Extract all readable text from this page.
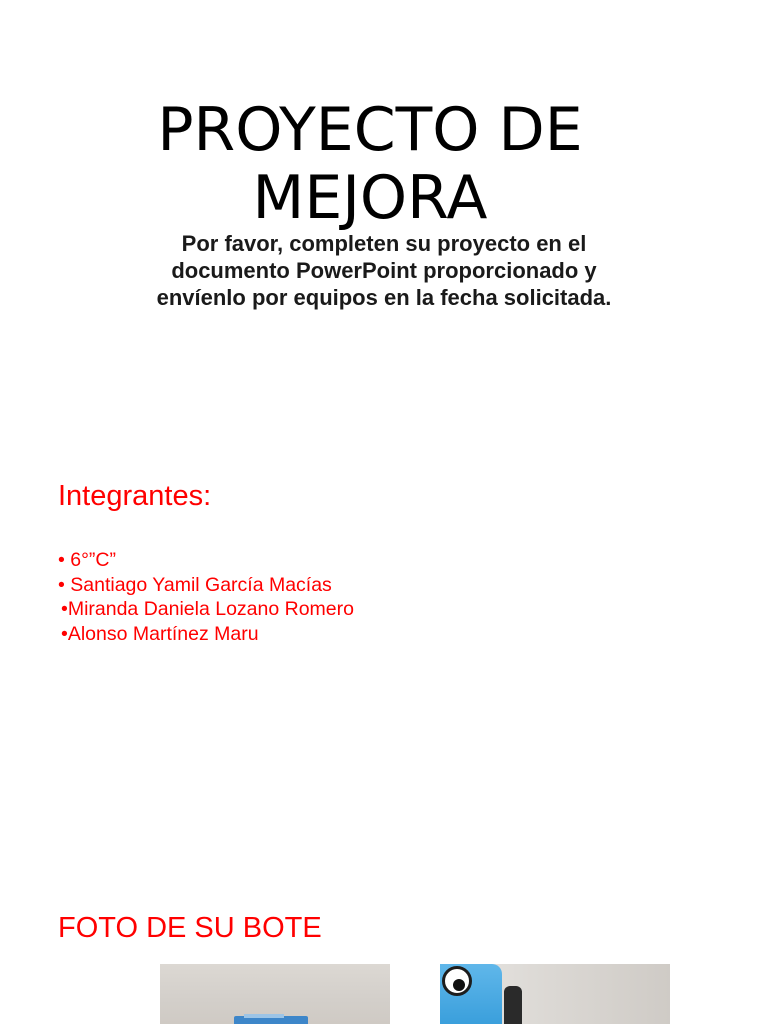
PROYECTO DE
MEJORA
Por favor, completen su proyecto en el
documento PowerPoint proporcionado y
envíenlo por equipos en la fecha solicitada.
Integrantes:
• 6°”C”
• Santiago Yamil García Macías
•Miranda Daniela Lozano Romero
•Alonso Martínez Maru
FOTO DE SU BOTE
